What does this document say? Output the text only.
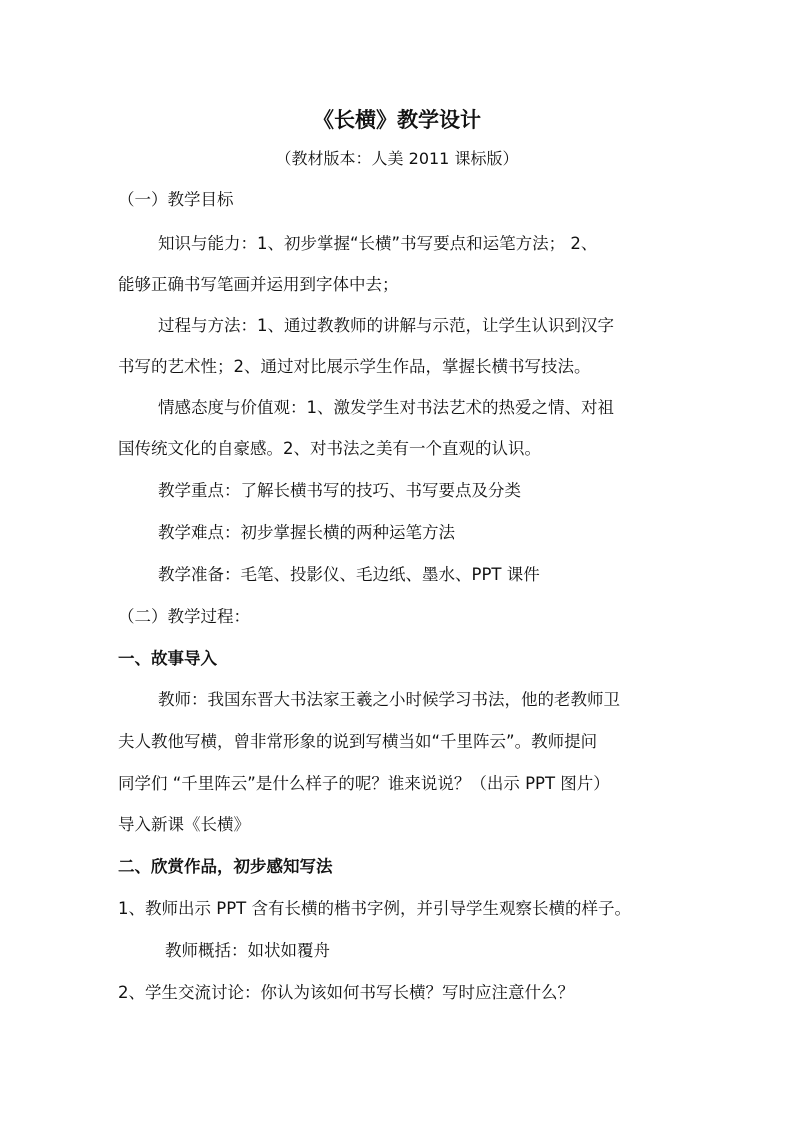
《长横》教学设计
（教材版本：人美 2011 课标版）
（一）教学目标
知识与能力：1、初步掌握“长横”书写要点和运笔方法； 2、
能够正确书写笔画并运用到字体中去；
过程与方法：1、通过教教师的讲解与示范，让学生认识到汉字
书写的艺术性；2、通过对比展示学生作品，掌握长横书写技法。
情感态度与价值观：1、激发学生对书法艺术的热爱之情、对祖
国传统文化的自豪感。2、对书法之美有一个直观的认识。
教学重点：了解长横书写的技巧、书写要点及分类
教学难点：初步掌握长横的两种运笔方法
教学准备：毛笔、投影仪、毛边纸、墨水、PPT 课件
（二）教学过程：
一、故事导入
教师：我国东晋大书法家王羲之小时候学习书法，他的老教师卫
夫人教他写横，曾非常形象的说到写横当如“千里阵云”。教师提问
同学们 “千里阵云”是什么样子的呢？谁来说说？（出示 PPT 图片）
导入新课《长横》
二、欣赏作品，初步感知写法
1、教师出示 PPT 含有长横的楷书字例，并引导学生观察长横的样子。
教师概括：如状如覆舟
2、学生交流讨论：你认为该如何书写长横？写时应注意什么？
